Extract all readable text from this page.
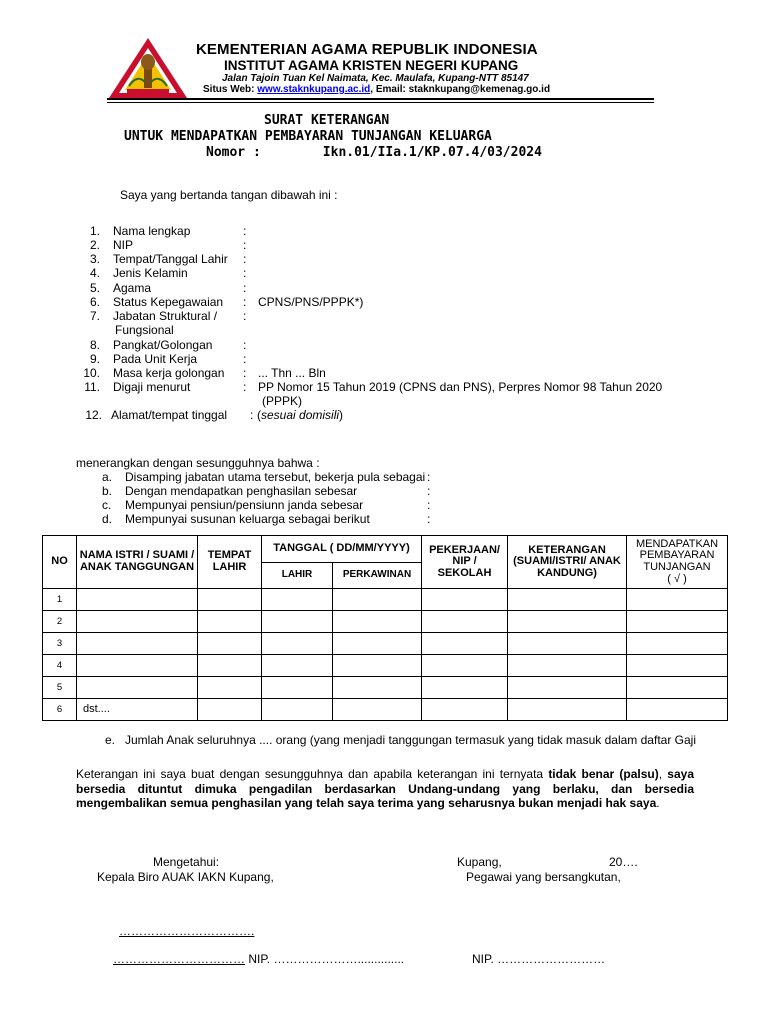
KEMENTERIAN AGAMA REPUBLIK INDONESIA
INSTITUT AGAMA KRISTEN NEGERI KUPANG
Jalan Tajoin Tuan Kel Naimata, Kec. Maulafa, Kupang-NTT 85147
Situs Web: www.staknkupang.ac.id, Email: staknkupang@kemenag.go.id
SURAT KETERANGAN
UNTUK MENDAPATKAN PEMBAYARAN TUNJANGAN KELUARGA
Nomor :	Ikn.01/IIa.1/KP.07.4/03/2024
Saya yang bertanda tangan dibawah ini :
1. Nama lengkap	:
2. NIP	:
3. Tempat/Tanggal Lahir :
4. Jenis Kelamin	:
5. Agama	:
6. Status Kepegawaian : CPNS/PNS/PPPK*)
7. Jabatan Struktural / :
Fungsional
8. Pangkat/Golongan	:
9. Pada Unit Kerja	:
10. Masa kerja golongan : ... Thn ... Bln
11. Digaji menurut	: PP Nomor 15 Tahun 2019 (CPNS dan PNS), Perpres Nomor 98 Tahun 2020
(PPPK)
12. Alamat/tempat tinggal : (sesuai domisili)
menerangkan dengan sesungguhnya bahwa :
a. Disamping jabatan utama tersebut, bekerja pula sebagai :
b. Dengan mendapatkan penghasilan sebesar	:
c. Mempunyai pensiun/pensiunn janda sebesar	:
d. Mempunyai susunan keluarga sebagai berikut	:
NO	NAMA ISTRI / SUAMI / ANAK TANGGUNGAN	TEMPAT LAHIR	TANGGAL ( DD/MM/YYYY)		PEKERJAAN/ NIP / SEKOLAH	KETERANGAN (SUAMI/ISTRI/ ANAK KANDUNG)	MENDAPATKAN PEMBAYARAN TUNJANGAN
( √ )
			LAHIR	PERKAWINAN			
1							
2							
3							
4							
5							
6	dst....						
e. Jumlah Anak seluruhnya .... orang (yang menjadi tanggungan termasuk yang tidak masuk dalam daftar Gaji
Keterangan ini saya buat dengan sesungguhnya dan apabila keterangan ini ternyata tidak benar (palsu), saya bersedia dituntut dimuka pengadilan berdasarkan Undang-undang yang berlaku, dan bersedia mengembalikan semua penghasilan yang telah saya terima yang seharusnya bukan menjadi hak saya.
Mengetahui:
Kepala Biro AUAK IAKN Kupang,
Kupang,	20….
Pegawai yang bersangkutan,
…………………………….
…………………………… NIP. …………………..............	NIP. ………………………
